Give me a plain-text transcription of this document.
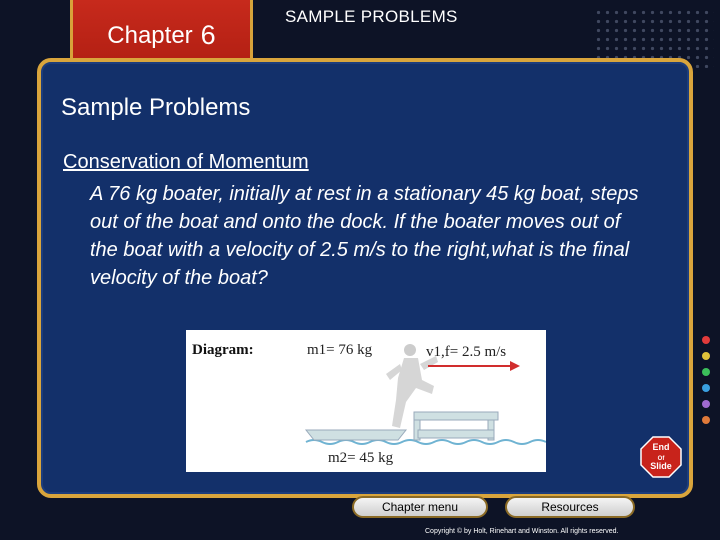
Chapter 6
SAMPLE PROBLEMS
Sample Problems
Conservation of Momentum
A 76 kg boater, initially at rest in a stationary 45 kg boat, steps out of the boat and onto the dock. If the boater moves out of the boat with a velocity of 2.5 m/s to the right,what is the final velocity of the boat?
Diagram:	m1= 76 kg	v1,f= 2.5 m/s
m2= 45 kg
End
Of
Slide
Chapter menu	Resources
Copyright © by Holt, Rinehart and Winston. All rights reserved.
